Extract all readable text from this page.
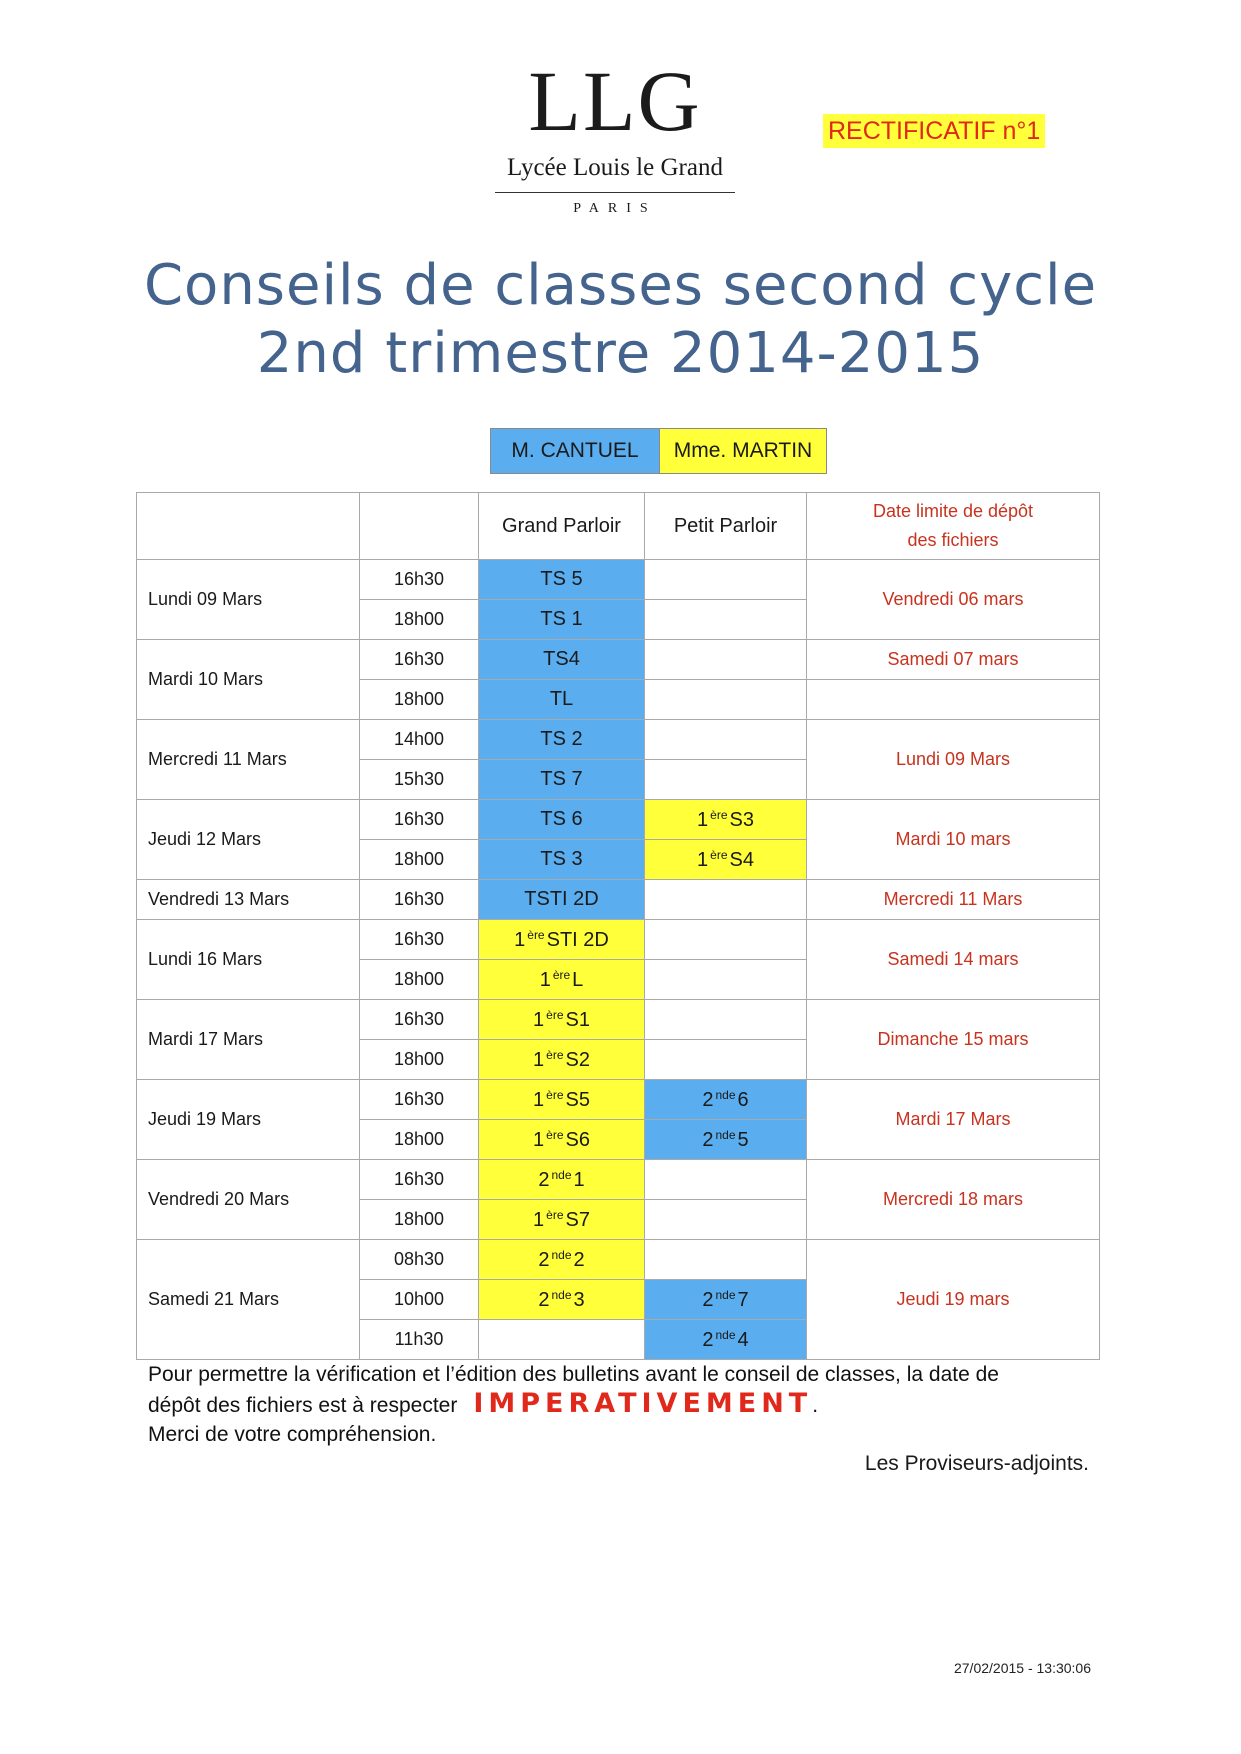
LLG
Lycée Louis le Grand
PARIS
RECTIFICATIF n°1
Conseils de classes second cycle
2nd trimestre 2014-2015
M. CANTUEL	Mme. MARTIN
		Grand Parloir	Petit Parloir	Date limite de dépôt
des fichiers

Lundi 09 Mars	16h30	TS 5		Vendredi 06 mars
	18h00	TS 1		
Mardi 10 Mars	16h30	TS4		Samedi 07 mars
	18h00	TL		
Mercredi 11 Mars	14h00	TS 2		Lundi 09 Mars
	15h30	TS 7		
Jeudi 12 Mars	16h30	TS 6	1 $^{ère}$ S3	Mardi 10 mars
	18h00	TS 3	1 $^{ère}$ S4	
Vendredi 13 Mars	16h30	TSTI 2D		Mercredi 11 Mars
Lundi 16 Mars	16h30	1 $^{ère}$ STI 2D		Samedi 14 mars
	18h00	1 $^{ère}$ L		
Mardi 17 Mars	16h30	1 $^{ère}$ S1		Dimanche 15 mars
	18h00	1 $^{ère}$ S2		
Jeudi 19 Mars	16h30	1 $^{ère}$ S5	2 $^{nde}$ 6	Mardi 17 Mars
	18h00	1 $^{ère}$ S6	2 $^{nde}$ 5	
Vendredi 20 Mars	16h30	2 $^{nde}$ 1		Mercredi 18 mars
	18h00	1 $^{ère}$ S7		
Samedi 21 Mars	08h30	2 $^{nde}$ 2		Jeudi 19 mars
	10h00	2 $^{nde}$ 3	2 $^{nde}$ 7	
	11h30		2 $^{nde}$ 4	
Pour permettre la vérification et l’édition des bulletins avant le conseil de classes, la date de
dépôt des fichiers est à respecter IMPERATIVEMENT.
Merci de votre compréhension.
Les Proviseurs-adjoints.
27/02/2015 - 13:30:06
